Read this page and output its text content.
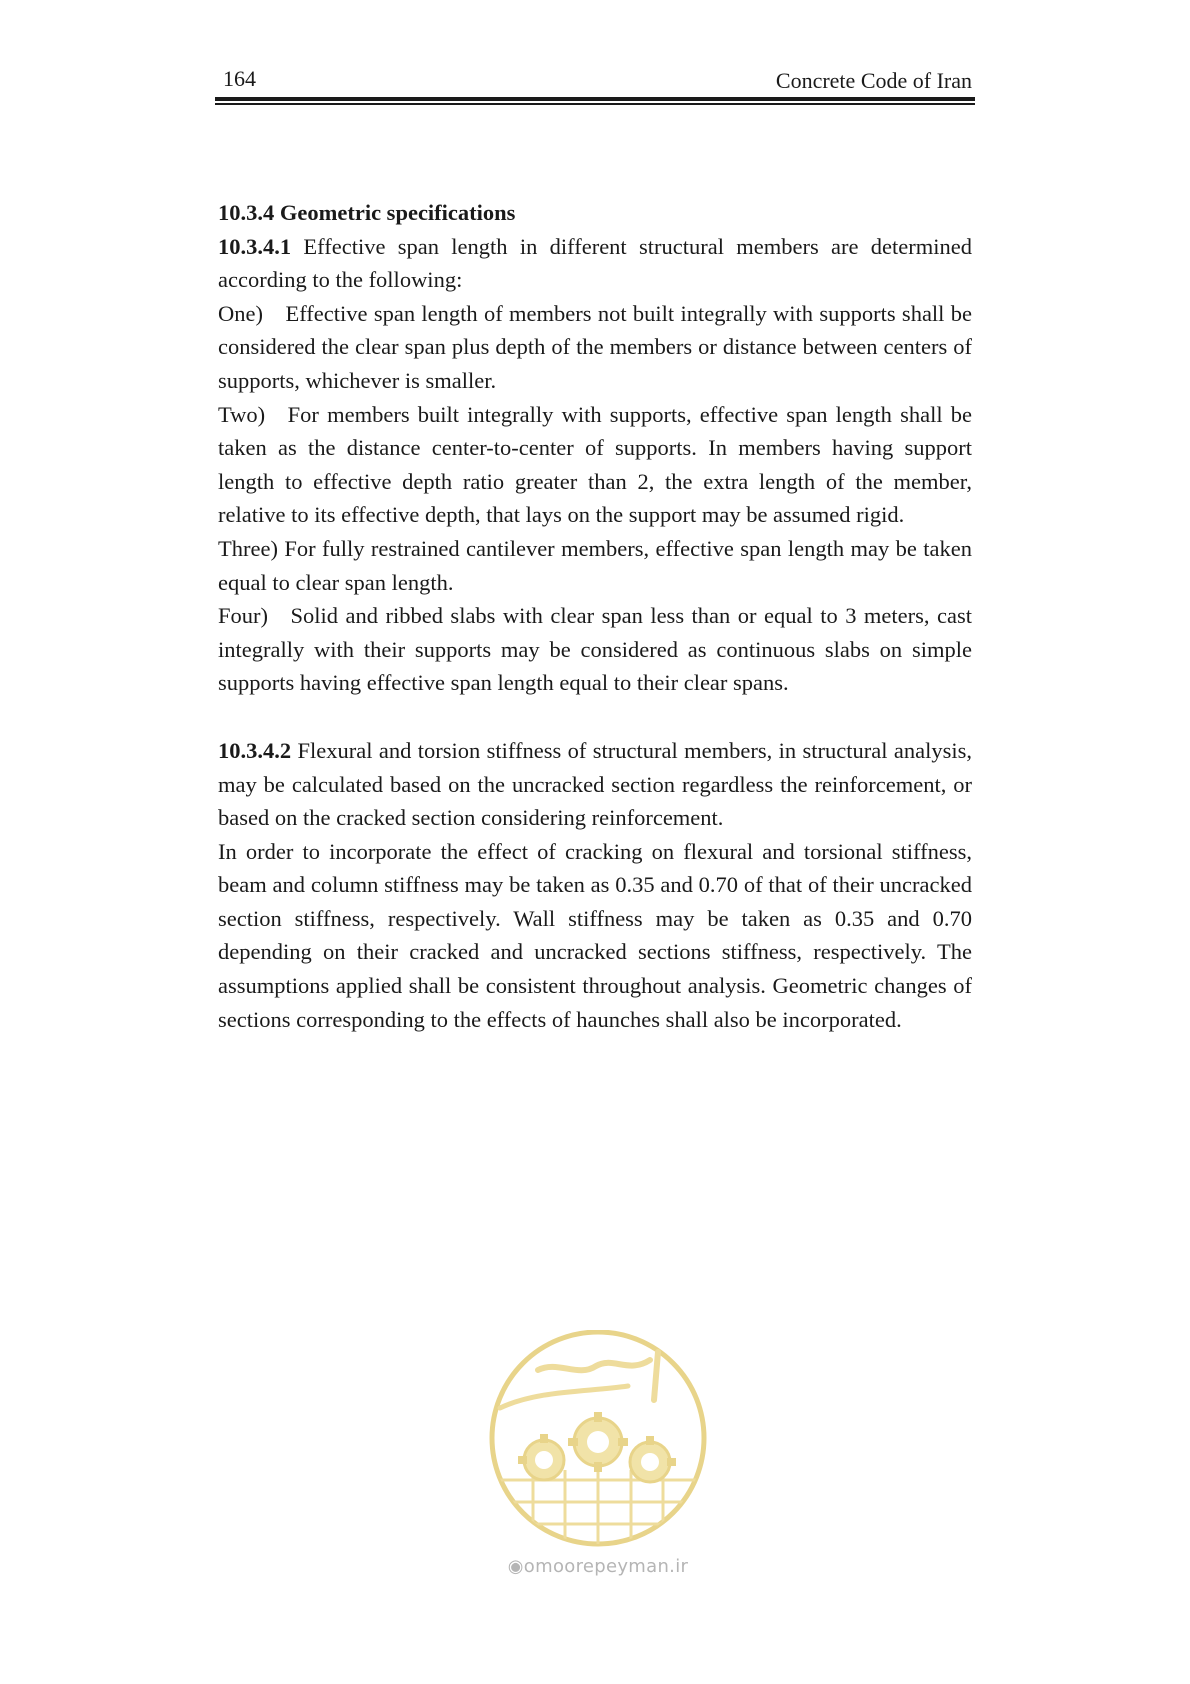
164	Concrete Code of Iran

10.3.4 Geometric specifications

10.3.4.1 Effective span length in different structural members are determined according to the following:

One) Effective span length of members not built integrally with supports shall be considered the clear span plus depth of the members or distance between centers of supports, whichever is smaller.

Two) For members built integrally with supports, effective span length shall be taken as the distance center-to-center of supports. In members having support length to effective depth ratio greater than 2, the extra length of the member, relative to its effective depth, that lays on the support may be assumed rigid.

Three) For fully restrained cantilever members, effective span length may be taken equal to clear span length.

Four) Solid and ribbed slabs with clear span less than or equal to 3 meters, cast integrally with their supports may be considered as continuous slabs on simple supports having effective span length equal to their clear spans.

10.3.4.2 Flexural and torsion stiffness of structural members, in structural analysis, may be calculated based on the uncracked section regardless the reinforcement, or based on the cracked section considering reinforcement.

In order to incorporate the effect of cracking on flexural and torsional stiffness, beam and column stiffness may be taken as 0.35 and 0.70 of that of their uncracked section stiffness, respectively. Wall stiffness may be taken as 0.35 and 0.70 depending on their cracked and uncracked sections stiffness, respectively. The assumptions applied shall be consistent throughout analysis. Geometric changes of sections corresponding to the effects of haunches shall also be incorporated.

◉omoorepeyman.ir
